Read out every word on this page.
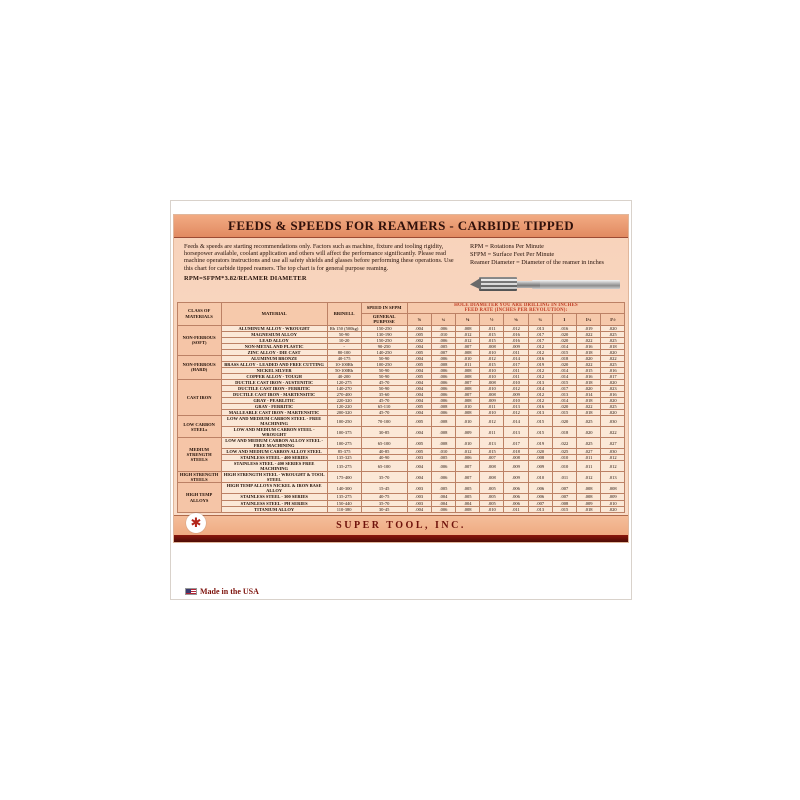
FEEDS & SPEEDS FOR REAMERS - CARBIDE TIPPED
Feeds & speeds are starting recommendations only. Factors such as machine, fixture and tooling rigidity, horsepower available, coolant application and others will affect the performance significantly. Please read machine operators instructions and use all safety shields and glasses before performing these operations. Use this chart for carbide tipped reamers. The top chart is for general purpose reaming.
RPM=SFPM*3.82/REAMER DIAMETER
RPM = Rotations Per Minute
SFPM = Surface Feet Per Minute
Reamer Diameter = Diameter of the reamer in inches
CLASS OF MATERIALS	MATERIAL	BRINELL	SPEED IN SFPM	HOLE DIAMETER YOU ARE DRILLING IN INCHES
FEED RATE (INCHES PER REVOLUTION):								

			GENERAL PURPOSE	⅛	¼	⅜	½	⅝	¾	1	1¼	1½
NON-FERROUS (SOFT)	ALUMINUM ALLOY - WROUGHT	Rb 150 (500kg)	150-250	.004	.006	.008	.011	.012	.013	.016	.019	.020
	MAGNESIUM ALLOY	50-90	130-190	.005	.010	.012	.015	.016	.017	.020	.022	.025
	LEAD ALLOY	10-20	150-250	.002	.006	.012	.015	.016	.017	.020	.022	.025
	NON-METAL AND PLASTIC	-	90-250	.004	.005	.007	.008	.009	.012	.014	.016	.018
	ZINC ALLOY - DIE CAST	80-100	140-250	.005	.007	.008	.010	.011	.012	.015	.018	.020
NON-FERROUS (HARD)	ALUMINUM BRONZE	40-175	50-90	.004	.006	.010	.012	.014	.016	.018	.020	.022
	BRASS ALLOY - LEADED AND FREE CUTTING	10-100Rb	100-250	.005	.008	.011	.015	.017	.019	.020	.022	.025
	NICKEL SILVER	50-100Rb	50-90	.004	.006	.008	.010	.011	.012	.014	.015	.016
	COPPER ALLOY - TOUGH	40-200	50-90	.005	.006	.008	.010	.011	.012	.014	.016	.017
CAST IRON	DUCTILE CAST IRON - AUSTENITIC	120-275	45-70	.004	.006	.007	.008	.010	.013	.015	.018	.020
	DUCTILE CAST IRON - FERRITIC	140-270	50-90	.004	.006	.008	.010	.012	.014	.017	.020	.023
	DUCTILE CAST IRON - MARTENSITIC	270-400	35-60	.004	.006	.007	.008	.009	.012	.013	.014	.016
	GRAY - PEARLITIC	220-320	45-70	.004	.006	.008	.009	.010	.012	.014	.018	.020
	GRAY - FERRITIC	120-220	65-110	.005	.008	.010	.011	.013	.016	.020	.022	.025
	MALLEABLE CAST IRON - MARTENSITIC	200-320	45-70	.004	.006	.008	.010	.012	.013	.015	.018	.020
LOW CARBON STEELs	LOW AND MEDIUM CARBON STEEL - FREE MACHINING	100-250	70-100	.005	.008	.010	.012	.014	.015	.020	.025	.030
	LOW AND MEDIUM CARBON STEEL - WROUGHT	100-375	30-85	.004	.008	.009	.011	.013	.015	.018	.020	.022
MEDIUM STRENGTH STEELS	LOW AND MEDIUM CARBON ALLOY STEEL - FREE MACHINING	100-275	65-100	.005	.008	.010	.013	.017	.019	.022	.025	.027
	LOW AND MEDIUM CARBON ALLOY STEEL	85-375	40-85	.005	.010	.012	.015	.018	.020	.025	.027	.030
	STAINLESS STEEL - 400 SERIES	135-325	40-90	.003	.005	.006	.007	.008	.008	.010	.011	.012
	STAINLESS STEEL - 400 SERIES FREE MACHINING	135-275	65-100	.004	.006	.007	.008	.009	.009	.010	.011	.012
HIGH STRENGTH STEELS	HIGH STRENGTH STEEL - WROUGHT & TOOL STEEL	175-400	35-70	.004	.006	.007	.008	.009	.010	.011	.012	.013
HIGH TEMP ALLOYS	HIGH TEMP ALLOYS NICKEL & IRON BASE ALLOY	140-300	15-45	.003	.005	.005	.005	.006	.006	.007	.008	.008
	STAINLESS STEEL - 300 SERIES	135-275	40-75	.003	.004	.005	.005	.006	.006	.007	.008	.009
	STAINLESS STEEL - PH SERIES	150-440	35-70	.003	.004	.004	.005	.006	.007	.008	.009	.010
	TITANIUM ALLOY	110-380	30-45	.004	.006	.008	.010	.011	.013	.015	.018	.020
✱	SUPER TOOL, INC.
Made in the USA
